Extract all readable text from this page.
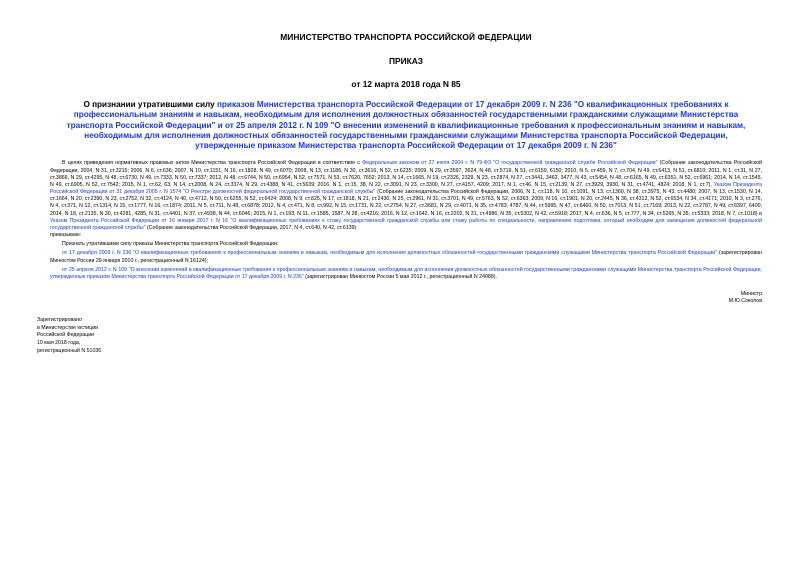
МИНИСТЕРСТВО ТРАНСПОРТА РОССИЙСКОЙ ФЕДЕРАЦИИ
ПРИКАЗ
от 12 марта 2018 года N 85
О признании утратившими силу приказов Министерства транспорта Российской Федерации от 17 декабря 2009 г. N 236 "О квалификационных требованиях к профессиональным знаниям и навыкам, необходимым для исполнения должностных обязанностей государственными гражданскими служащими Министерства транспорта Российской Федерации" и от 25 апреля 2012 г. N 109 "О внесении изменений в квалификационные требования к профессиональным знаниям и навыкам, необходимым для исполнения должностных обязанностей государственными гражданскими служащими Министерства транспорта Российской Федерации, утвержденные приказом Министерства транспорта Российской Федерации от 17 декабря 2009 г. N 236"

В целях приведения нормативных правовых актов Министерства транспорта Российской Федерации в соответствие с Федеральным законом от 27 июля 2004 г. N 79-ФЗ "О государственной гражданской службе Российской Федерации" (Собрание законодательства Российской Федерации, 2004, N 31, ст.3215; 2006, N 6, ст.636; 2007, N 10, ст.1151, N 16, ст.1828, N 49, ст.6070; 2008, N 13, ст.1186, N 30, ст.3616, N 52, ст.6235; 2009, N 29, ст.3597, 3624, N 48, ст.5719, N 51, ст.6159, 6150; 2010, N 5, ст.459, N 7, ст.704, N 49, ст.6413, N 51, ст.6810; 2011, N 1, ст.31, N 27, ст.3866, N 29, ст.4295, N 48, ст.6730, N 49, ст.7333, N 50, ст.7337; 2012, N 48, ст.6744, N 50, ст.6954, N 52, ст.7571, N 53, ст.7620, 7652; 2013, N 14, ст.1665, N 19, ст.2326, 2329, N 23, ст.2874, N 27, ст.3441, 3462, 3477, N 43, ст.5454, N 48, ст.6165, N 49, ст.6351, N 52, ст.6961; 2014, N 14, ст.1545, N 49, ст.6905, N 52, ст.7542; 2015, N 1, ст.62, 63, N 14, ст.2008, N 24, ст.3374, N 29, ст.4388, N 41, ст.5639; 2016, N 1, ст.15, 38, N 22, ст.3091, N 23, ст.3300, N 27, ст.4157, 4209; 2017, N 1, ст.46, N 15, ст.2139, N 27, ст.3929, 3930, N 31, ст.4741, 4824; 2018, N 1, ст.7), Указом Президента Российской Федерации от 31 декабря 2005 г. N 1574 "О Реестре должностей федеральной государственной гражданской службы" (Собрание законодательства Российской Федерации, 2006, N 1, ст.118, N 10, ст.1091, N 13, ст.1360, N 38, ст.3975, N 43, ст.4480; 2007, N 13, ст.1530, N 14, ст.1664, N 20, ст.2390, N 23, ст.2752, N 32, ст.4124, N 40, ст.4712, N 50, ст.6255, N 52, ст.6424; 2008, N 9, ст.825, N 17, ст.1818, N 21, ст.2430, N 25, ст.2961, N 31, ст.3701, N 49, ст.5763, N 52, ст.6363; 2009, N 16, ст.1901, N 20, ст.2445, N 36, ст.4312, N 52, ст.6534, N 34, ст.4171; 2010, N 3, ст.276, N 4, ст.371, N 12, ст.1314, N 15, ст.1777, N 16, ст.1874; 2011, N 5, ст.711, N 48, ст.6878; 2012, N 4, ст.471, N 8, ст.992, N 15, ст.1731, N 22, ст.2754, N 27, ст.3681, N 29, ст.4071, N 35, ст.4783, 4787, N 44, ст.5995, N 47, ст.6460, N 50, ст.7013, N 51, ст.7169; 2013, N 22, ст.2787, N 49, ст.6397, 6400; 2014, N 18, ст.2135, N 30, ст.4281, 4285, N 31, ст.4401, N 37, ст.4938, N 44, ст.6046; 2015, N 1, ст.193, N 11, ст.1585, 1587, N 28, ст.4216; 2016, N 12, ст.1642, N 16, ст.2202, N 31, ст.4986, N 35, ст.5302, N 42, ст.5918; 2017, N 4, ст.636, N 5, ст.777, N 34, ст.5265, N 35, ст.5333; 2018, N 7, ст.1018) и Указом Президента Российской Федерации от 16 января 2017 г. N 16 "О квалификационных требованиях к стажу государственной гражданской службы или стажу работы по специальности, направлению подготовки, который необходим для замещения должностей федеральной государственной гражданской службы" (Собрание законодательства Российской Федерации, 2017, N 4, ст.640, N 42, ст.6139)

приказываю:

Признать утратившими силу приказы Министерства транспорта Российской Федерации:

от 17 декабря 2009 г. N 236 "О квалификационных требованиях к профессиональным знаниям и навыкам, необходимым для исполнения должностных обязанностей государственными гражданскими служащими Министерства транспорта Российской Федерации" (зарегистрирован Минюстом России 29 января 2010 г., регистрационный N 16124);

от 25 апреля 2012 г. N 109 "О внесении изменений в квалификационные требования к профессиональным знаниям и навыкам, необходимым для исполнения должностных обязанностей государственными гражданскими служащими Министерства транспорта Российской Федерации, утвержденные приказом Министерства транспорта Российской Федерации от 17 декабря 2009 г. N 236" (зарегистрирован Минюстом России 5 мая 2012 г., регистрационный N 24088).

Министр
М.Ю.Соколов
Зарегистрировано
в Министерстве юстиции
Российской Федерации
10 мая 2018 года,
регистрационный N 51036
